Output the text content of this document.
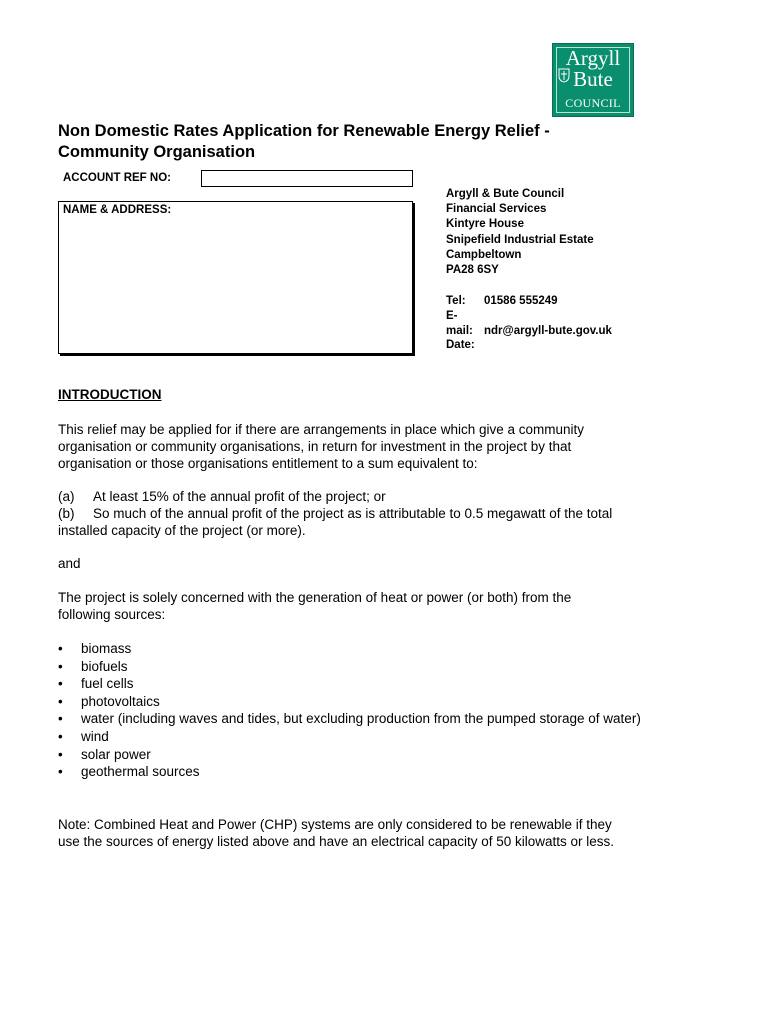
Argyll
Bute
COUNCIL
Non Domestic Rates Application for Renewable Energy Relief -
Community Organisation
ACCOUNT REF NO:
NAME & ADDRESS:
Argyll & Bute Council
Financial Services
Kintyre House
Snipefield Industrial Estate
Campbeltown
PA28 6SY
Tel: 01586 555249
E-mail: ndr@argyll-bute.gov.uk
Date:
INTRODUCTION
This relief may be applied for if there are arrangements in place which give a community
organisation or community organisations, in return for investment in the project by that
organisation or those organisations entitlement to a sum equivalent to:
(a) At least 15% of the annual profit of the project; or
(b) So much of the annual profit of the project as is attributable to 0.5 megawatt of the total
installed capacity of the project (or more).
and
The project is solely concerned with the generation of heat or power (or both) from the
following sources:
• biomass
• biofuels
• fuel cells
• photovoltaics
• water (including waves and tides, but excluding production from the pumped storage of water)
• wind
• solar power
• geothermal sources
Note: Combined Heat and Power (CHP) systems are only considered to be renewable if they
use the sources of energy listed above and have an electrical capacity of 50 kilowatts or less.
